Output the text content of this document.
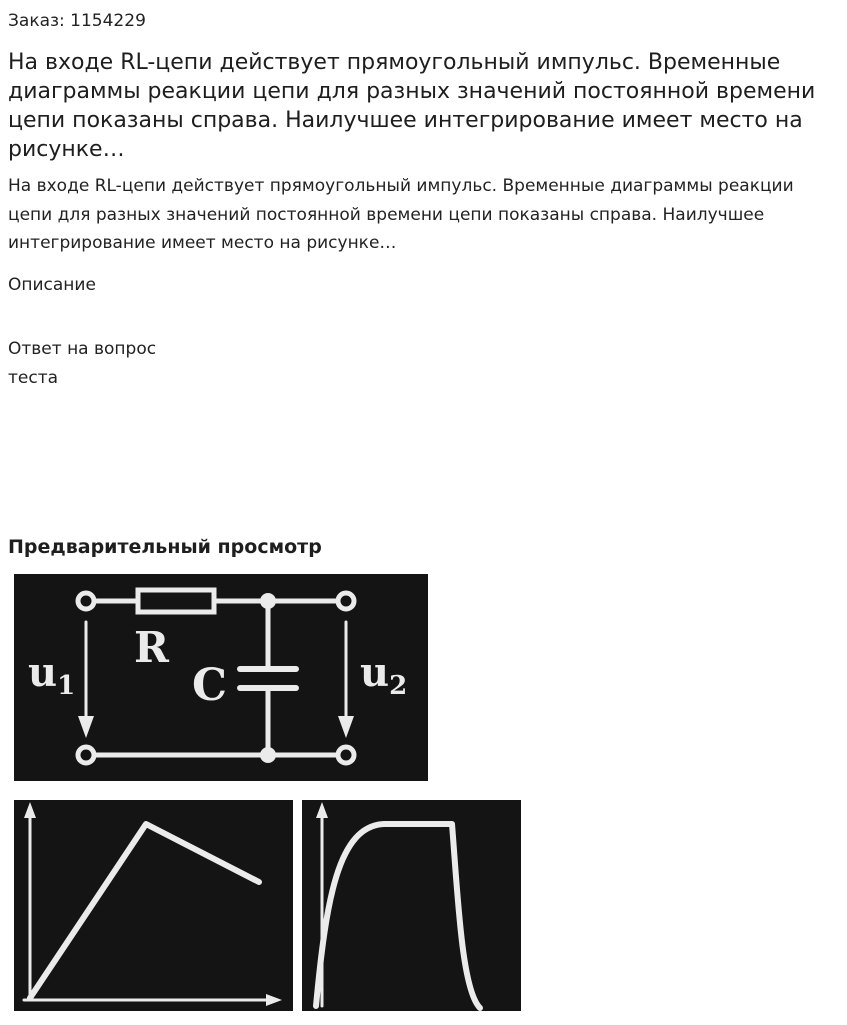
Заказ: 1154229
На входе RL-цепи действует прямоугольный импульс. Временные диаграммы реакции цепи для разных значений постоянной времени цепи показаны справа. Наилучшее интегрирование имеет место на рисунке…

На входе RL-цепи действует прямоугольный импульс. Временные диаграммы реакции цепи для разных значений постоянной времени цепи показаны справа. Наилучшее интегрирование имеет место на рисунке…

Описание
Ответ на вопрос теста
Предварительный просмотр
R
C
$u_1$	$u_2$
